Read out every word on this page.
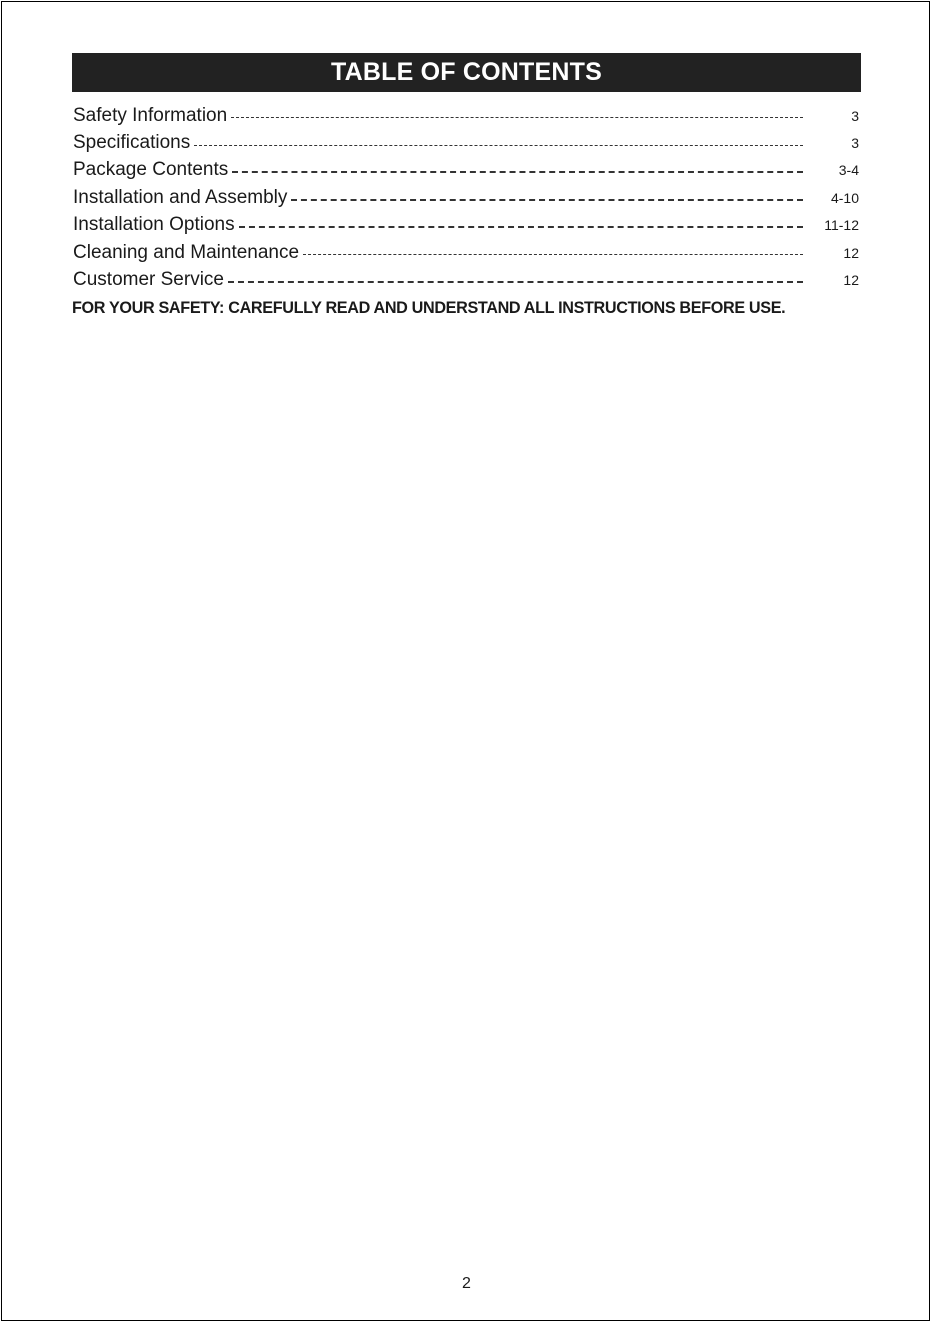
TABLE OF CONTENTS
Safety Information	3
Specifications	3
Package Contents	3-4
Installation and Assembly	4-10
Installation Options	11-12
Cleaning and Maintenance	12
Customer Service	12
FOR YOUR SAFETY: CAREFULLY READ AND UNDERSTAND ALL INSTRUCTIONS BEFORE USE.
2
